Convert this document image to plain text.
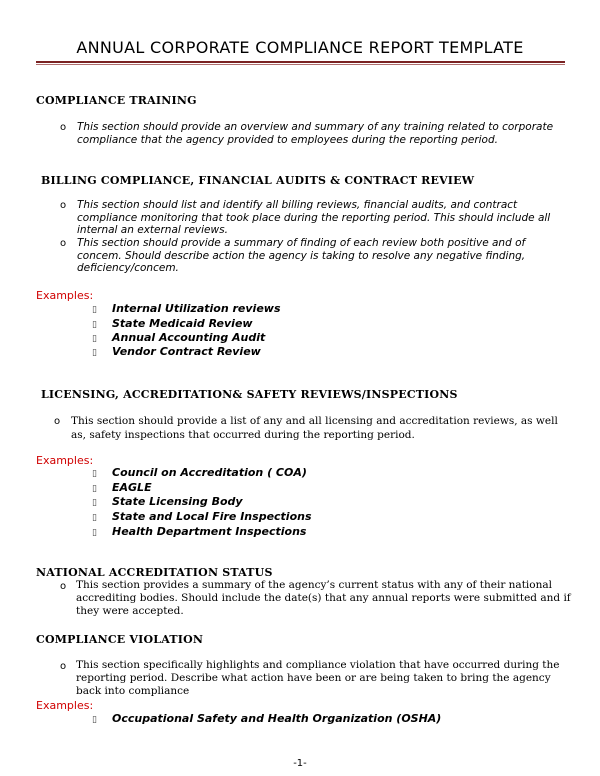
ANNUAL CORPORATE COMPLIANCE REPORT TEMPLATE
COMPLIANCE TRAINING
o This section should provide an overview and summary of any training related to corporate compliance that the agency provided to employees during the reporting period.
BILLING COMPLIANCE, FINANCIAL AUDITS & CONTRACT REVIEW
o This section should list and identify all billing reviews, financial audits, and contract compliance monitoring that took place during the reporting period. This should include all internal an external reviews.
o This section should provide a summary of finding of each review both positive and of concem. Should describe action the agency is taking to resolve any negative finding, deficiency/concem.
Examples:
▯ Internal Utilization reviews
▯ State Medicaid Review
▯ Annual Accounting Audit
▯ Vendor Contract Review
LICENSING, ACCREDITATION& SAFETY REVIEWS/INSPECTIONS
o This section should provide a list of any and all licensing and accreditation reviews, as well as, safety inspections that occurred during the reporting period.
Examples:
▯ Council on Accreditation ( COA)
▯ EAGLE
▯ State Licensing Body
▯ State and Local Fire Inspections
▯ Health Department Inspections
NATIONAL ACCREDITATION STATUS
o This section provides a summary of the agency’s current status with any of their national accrediting bodies. Should include the date(s) that any annual reports were submitted and if they were accepted.
COMPLIANCE VIOLATION
o This section specifically highlights and compliance violation that have occurred during the reporting period. Describe what action have been or are being taken to bring the agency back into compliance
Examples:
▯ Occupational Safety and Health Organization (OSHA)
-1-
